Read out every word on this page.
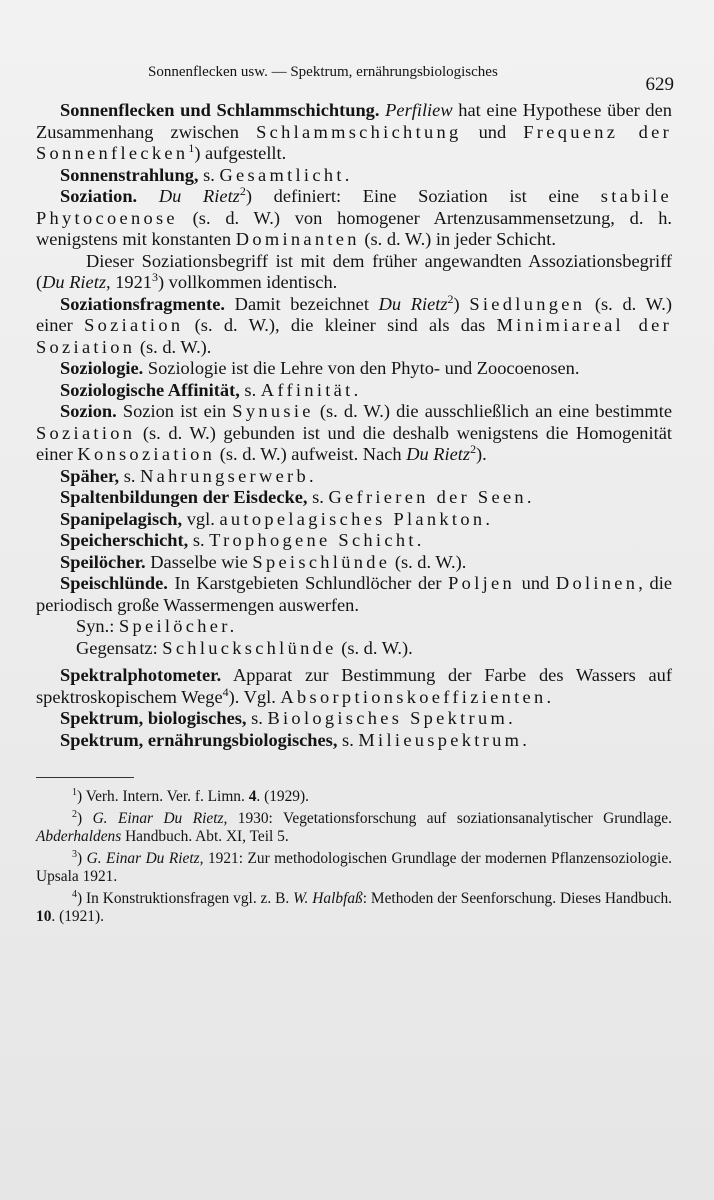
Sonnenflecken usw. — Spektrum, ernährungsbiologisches
629

Sonnenflecken und Schlammschichtung. Perfiliew hat eine Hypothese über den Zusammenhang zwischen Schlammschichtung und Frequenz der Sonnenflecken$^1$) aufgestellt.

Sonnenstrahlung, s. Gesamtlicht.

Soziation. Du Rietz$^2$) definiert: Eine Soziation ist eine stabile Phytocoenose (s. d. W.) von homogener Artenzusammensetzung, d. h. wenigstens mit konstanten Dominanten (s. d. W.) in jeder Schicht.

Dieser Soziationsbegriff ist mit dem früher angewandten Assoziationsbegriff (Du Rietz, 1921$^3$) vollkommen identisch.

Soziationsfragmente. Damit bezeichnet Du Rietz$^2$) Siedlungen (s. d. W.) einer Soziation (s. d. W.), die kleiner sind als das Minimiareal der Soziation (s. d. W.).

Soziologie. Soziologie ist die Lehre von den Phyto- und Zoocoenosen.

Soziologische Affinität, s. Affinität.

Sozion. Sozion ist ein Synusie (s. d. W.) die ausschließlich an eine bestimmte Soziation (s. d. W.) gebunden ist und die deshalb wenigstens die Homogenität einer Konsoziation (s. d. W.) aufweist. Nach Du Rietz$^2$).

Späher, s. Nahrungserwerb.

Spaltenbildungen der Eisdecke, s. Gefrieren der Seen.

Spanipelagisch, vgl. autopelagisches Plankton.

Speicherschicht, s. Trophogene Schicht.

Speilöcher. Dasselbe wie Speischlünde (s. d. W.).

Speischlünde. In Karstgebieten Schlundlöcher der Poljen und Dolinen, die periodisch große Wassermengen auswerfen.

Syn.: Speilöcher.

Gegensatz: Schluckschlünde (s. d. W.).

Spektralphotometer. Apparat zur Bestimmung der Farbe des Wassers auf spektroskopischem Wege$^4$). Vgl. Absorptionskoeffizienten.

Spektrum, biologisches, s. Biologisches Spektrum.

Spektrum, ernährungsbiologisches, s. Milieuspektrum.

$^1$) Verh. Intern. Ver. f. Limn. 4. (1929).

$^2$) G. Einar Du Rietz, 1930: Vegetationsforschung auf soziationsanalytischer Grundlage. Abderhaldens Handbuch. Abt. XI, Teil 5.

$^3$) G. Einar Du Rietz, 1921: Zur methodologischen Grundlage der modernen Pflanzensoziologie. Upsala 1921.

$^4$) In Konstruktionsfragen vgl. z. B. W. Halbfaß: Methoden der Seenforschung. Dieses Handbuch. 10. (1921).
